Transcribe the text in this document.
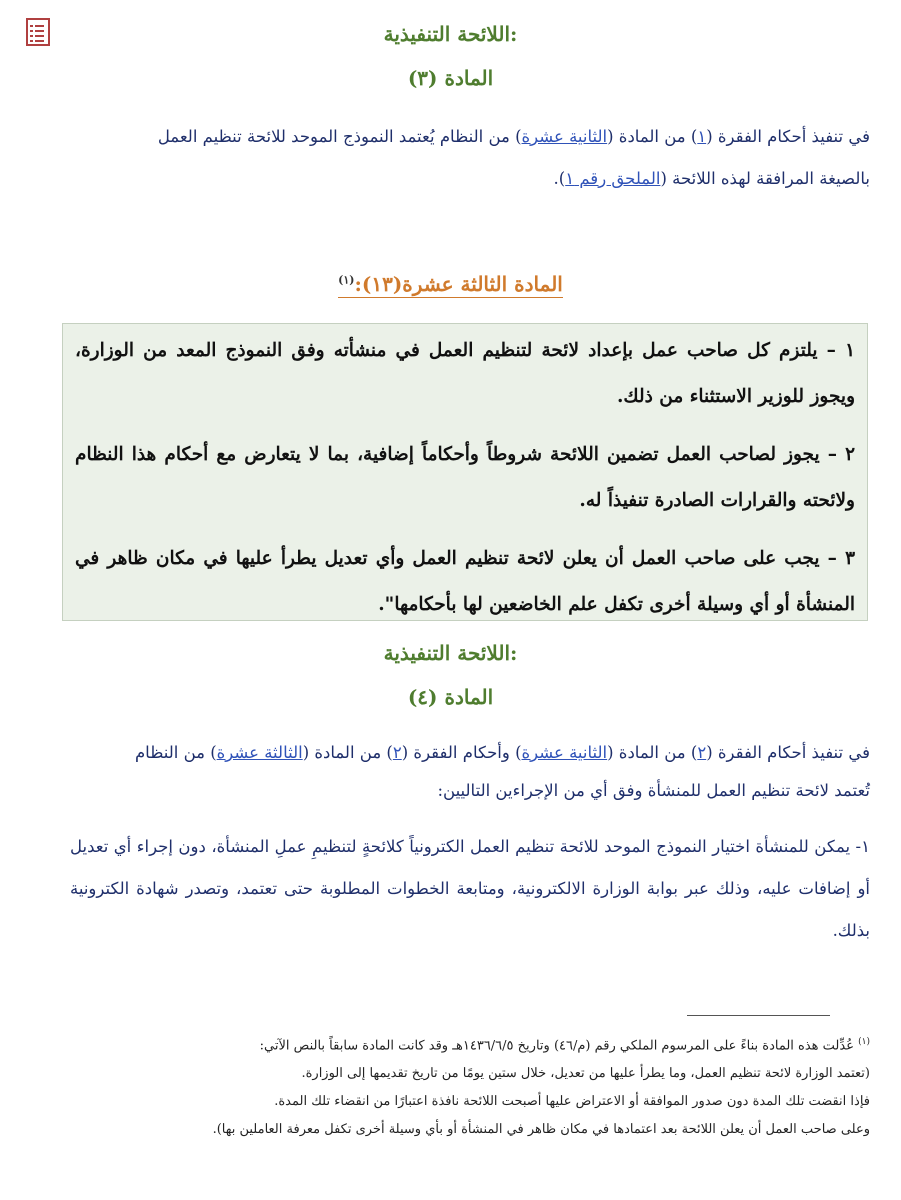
اللائحة التنفيذية:
المادة (٣)
في تنفيذ أحكام الفقرة (١) من المادة (الثانية عشرة) من النظام يُعتمد النموذج الموحد للائحة تنظيم العمل
بالصيغة المرافقة لهذه اللائحة (الملحق رقم ١).
المادة الثالثة عشرة(١٣):$^{(١)}$

١ – يلتزم كل صاحب عمل بإعداد لائحة لتنظيم العمل في منشأته وفق النموذج المعد من الوزارة، ويجوز للوزير الاستثناء من ذلك.

٢ – يجوز لصاحب العمل تضمين اللائحة شروطاً وأحكاماً إضافية، بما لا يتعارض مع أحكام هذا النظام ولائحته والقرارات الصادرة تنفيذاً له.

٣ – يجب على صاحب العمل أن يعلن لائحة تنظيم العمل وأي تعديل يطرأ عليها في مكان ظاهر في المنشأة أو أي وسيلة أخرى تكفل علم الخاضعين لها بأحكامها".

اللائحة التنفيذية:
المادة (٤)
في تنفيذ أحكام الفقرة (٢) من المادة (الثانية عشرة) وأحكام الفقرة (٢) من المادة (الثالثة عشرة) من النظام
تُعتمد لائحة تنظيم العمل للمنشأة وفق أي من الإجراءين التاليين:
١- يمكن للمنشأة اختيار النموذج الموحد للائحة تنظيم العمل الكترونياً كلائحةٍ لتنظيمِ عملِ المنشأة، دون إجراء أي تعديل أو إضافات عليه، وذلك عبر بوابة الوزارة الالكترونية، ومتابعة الخطوات المطلوبة حتى تعتمد، وتصدر شهادة الكترونية بذلك.

$^{(١)}$ عُدِّلت هذه المادة بناءً على المرسوم الملكي رقم (م/٤٦) وتاريخ ١٤٣٦/٦/٥هـ وقد كانت المادة سابقاً بالنص الآتي:

(تعتمد الوزارة لائحة تنظيم العمل، وما يطرأ عليها من تعديل، خلال ستين يومًا من تاريخ تقديمها إلى الوزارة.

فإذا انقضت تلك المدة دون صدور الموافقة أو الاعتراض عليها أصبحت اللائحة نافذة اعتبارًا من انقضاء تلك المدة.

وعلى صاحب العمل أن يعلن اللائحة بعد اعتمادها في مكان ظاهر في المنشأة أو بأي وسيلة أخرى تكفل معرفة العاملين بها).
